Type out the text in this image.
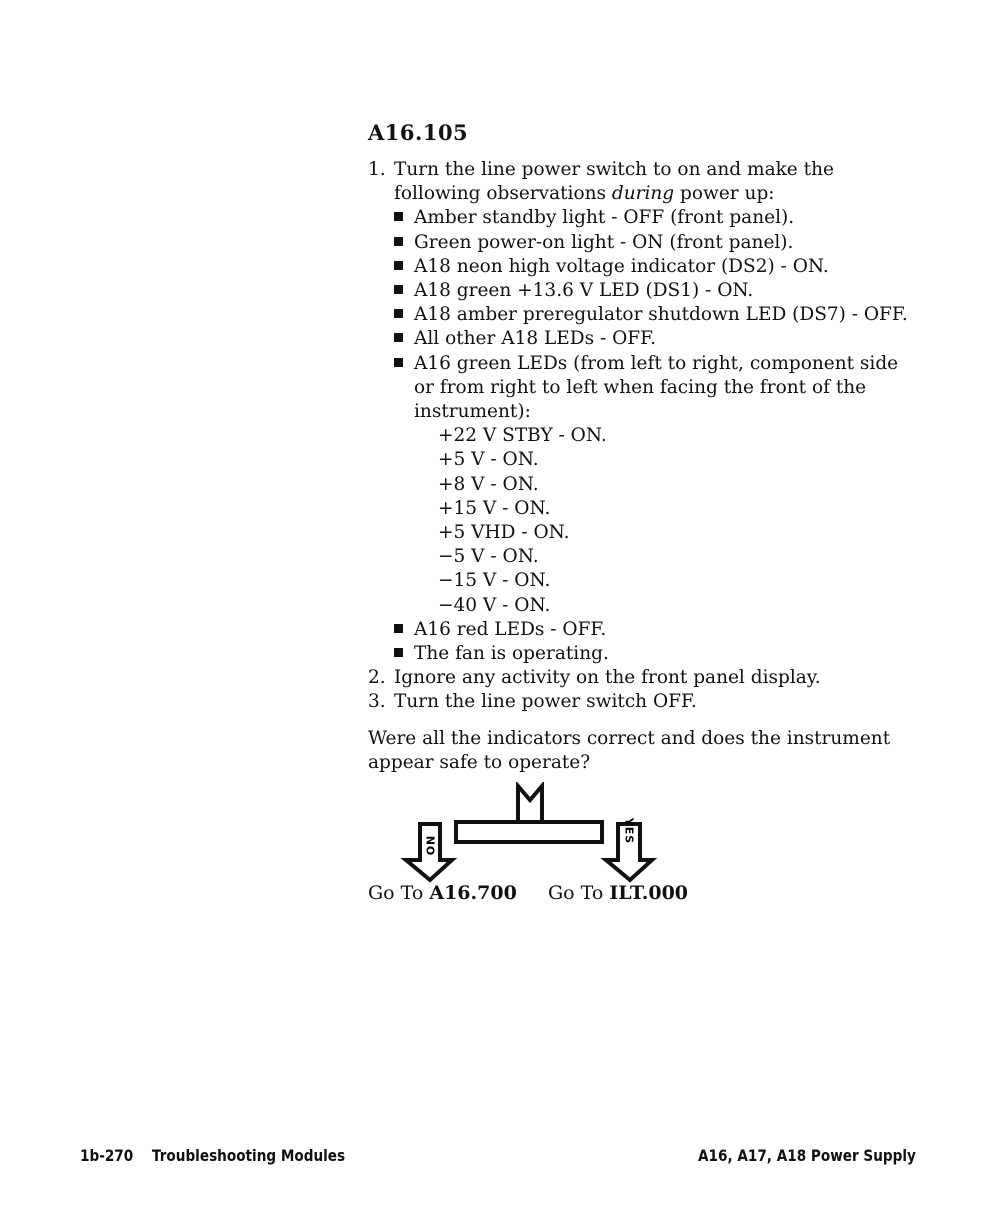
A16.105
1. Turn the line power switch to on and make the
following observations during power up:
Amber standby light - OFF (front panel).
Green power-on light - ON (front panel).
A18 neon high voltage indicator (DS2) - ON.
A18 green +13.6 V LED (DS1) - ON.
A18 amber preregulator shutdown LED (DS7) - OFF.
All other A18 LEDs - OFF.
A16 green LEDs (from left to right, component side
or from right to left when facing the front of the
instrument):
+22 V STBY - ON.
+5 V - ON.
+8 V - ON.
+15 V - ON.
+5 VHD - ON.
−5 V - ON.
−15 V - ON.
−40 V - ON.
A16 red LEDs - OFF.
The fan is operating.
2. Ignore any activity on the front panel display.
3. Turn the line power switch OFF.
Were all the indicators correct and does the instrument
appear safe to operate?
NO
YES
Go To A16.700 Go To ILT.000
1b-270 Troubleshooting Modules	A16, A17, A18 Power Supply
